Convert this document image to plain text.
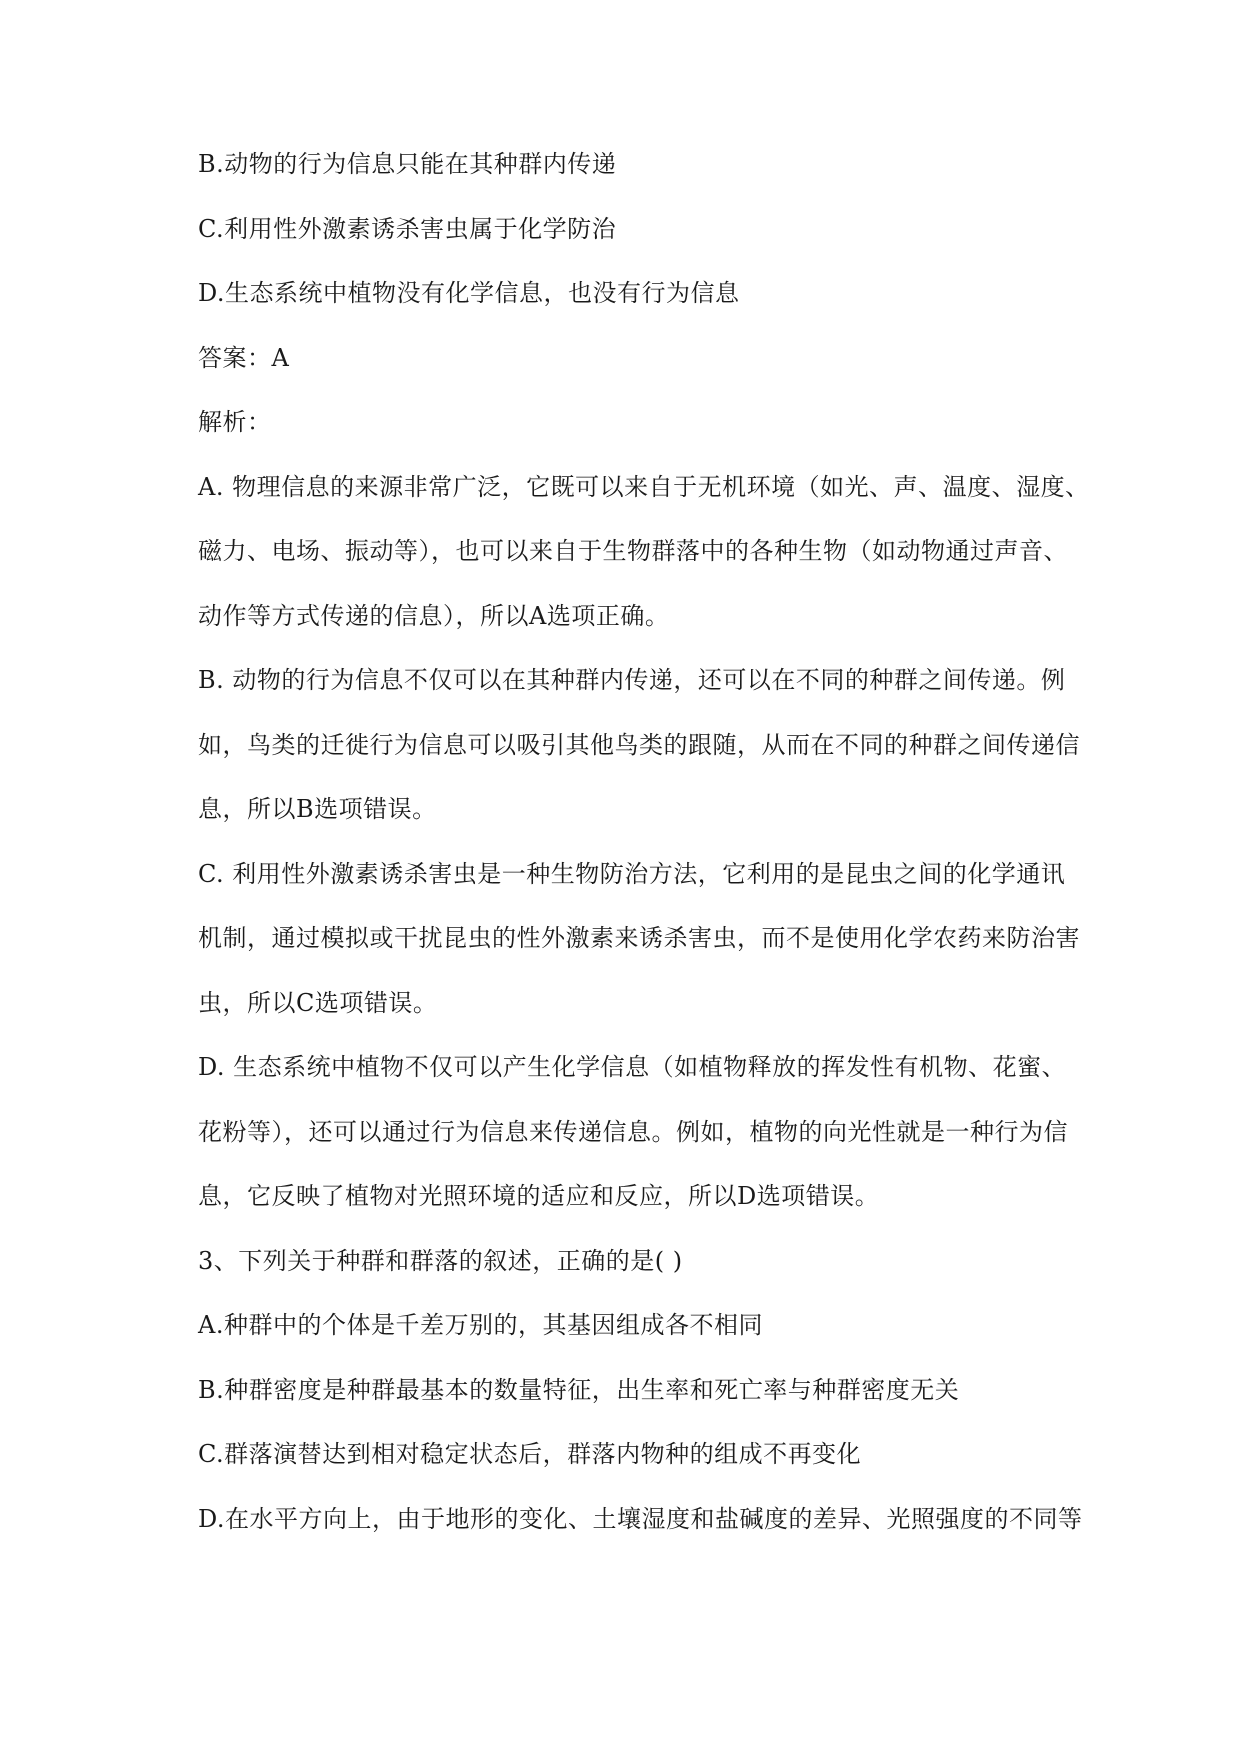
B.动物的行为信息只能在其种群内传递
C.利用性外激素诱杀害虫属于化学防治
D.生态系统中植物没有化学信息，也没有行为信息
答案：A
解析：
A. 物理信息的来源非常广泛，它既可以来自于无机环境（如光、声、温度、湿度、
磁力、电场、振动等），也可以来自于生物群落中的各种生物（如动物通过声音、
动作等方式传递的信息），所以A选项正确。
B. 动物的行为信息不仅可以在其种群内传递，还可以在不同的种群之间传递。例
如，鸟类的迁徙行为信息可以吸引其他鸟类的跟随，从而在不同的种群之间传递信
息，所以B选项错误。
C. 利用性外激素诱杀害虫是一种生物防治方法，它利用的是昆虫之间的化学通讯
机制，通过模拟或干扰昆虫的性外激素来诱杀害虫，而不是使用化学农药来防治害
虫，所以C选项错误。
D. 生态系统中植物不仅可以产生化学信息（如植物释放的挥发性有机物、花蜜、
花粉等），还可以通过行为信息来传递信息。例如，植物的向光性就是一种行为信
息，它反映了植物对光照环境的适应和反应，所以D选项错误。
3、下列关于种群和群落的叙述，正确的是( )
A.种群中的个体是千差万别的，其基因组成各不相同
B.种群密度是种群最基本的数量特征，出生率和死亡率与种群密度无关
C.群落演替达到相对稳定状态后，群落内物种的组成不再变化
D.在水平方向上，由于地形的变化、土壤湿度和盐碱度的差异、光照强度的不同等
